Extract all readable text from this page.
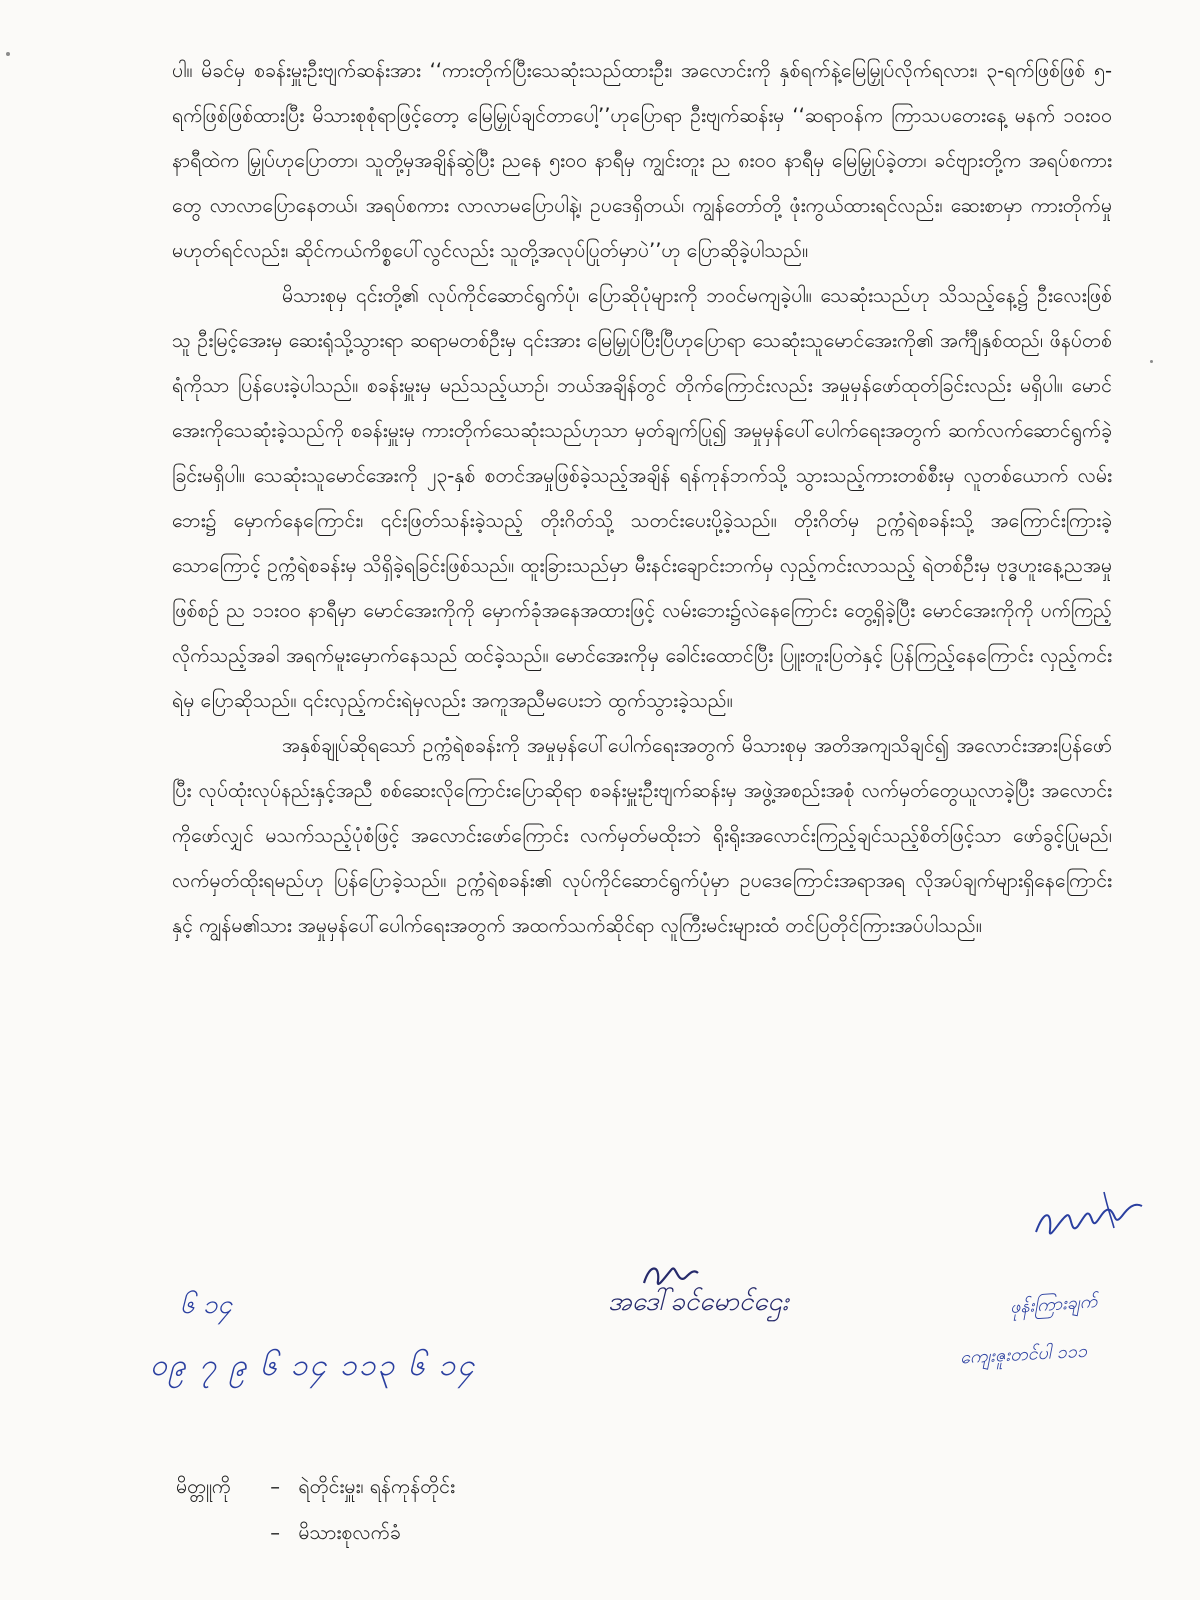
ပါ။ မိခင်မှ စခန်းမှူးဦးဗျက်ဆန်းအား ‘‘ကားတိုက်ပြီးသေဆုံးသည်ထားဦး၊ အလောင်းကို နှစ်ရက်နဲ့မြေမြှုပ်လိုက်ရလား၊ ၃-ရက်ဖြစ်ဖြစ် ၅-ရက်ဖြစ်ဖြစ်ထားပြီး မိသားစုစုံရာဖြင့်တော့ မြေမြှုပ်ချင်တာပေါ့’’ဟုပြောရာ ဦးဗျက်ဆန်းမှ ‘‘ဆရာဝန်က ကြာသပတေးနေ့ မနက် ၁၀း၀၀ နာရီထဲက မြှုပ်ဟုပြောတာ၊ သူတို့မှအချိန်ဆွဲပြီး ညနေ ၅း၀၀ နာရီမှ ကျွင်းတူး ည ၈း၀၀ နာရီမှ မြေမြှုပ်ခဲ့တာ၊ ခင်ဗျားတို့က အရပ်စကားတွေ လာလာပြောနေတယ်၊ အရပ်စကား လာလာမပြောပါနဲ့၊ ဥပဒေရှိတယ်၊ ကျွန်တော်တို့ ဖုံးကွယ်ထားရင်လည်း၊ ဆေးစာမှာ ကားတိုက်မှုမဟုတ်ရင်လည်း၊ ဆိုင်ကယ်ကိစ္စပေါ်လွင်လည်း သူတို့အလုပ်ပြုတ်မှာပဲ’’ဟု ပြောဆိုခဲ့ပါသည်။

မိသားစုမှ ၎င်းတို့၏ လုပ်ကိုင်ဆောင်ရွက်ပုံ၊ ပြောဆိုပုံများကို ဘဝင်မကျခဲ့ပါ။ သေဆုံးသည်ဟု သိသည့်နေ့၌ ဦးလေးဖြစ်သူ ဦးမြင့်အေးမှ ဆေးရုံသို့သွားရာ ဆရာမတစ်ဦးမှ ၎င်းအား မြေမြှုပ်ပြီးပြီဟုပြောရာ သေဆုံးသူမောင်အေးကို၏ အင်္ကျီနှစ်ထည်၊ ဖိနပ်တစ်ရံကိုသာ ပြန်ပေးခဲ့ပါသည်။ စခန်းမှူးမှ မည်သည့်ယာဉ်၊ ဘယ်အချိန်တွင် တိုက်ကြောင်းလည်း အမှုမှန်ဖော်ထုတ်ခြင်းလည်း မရှိပါ။ မောင်အေးကိုသေဆုံးခဲ့သည်ကို စခန်းမှူးမှ ကားတိုက်သေဆုံးသည်ဟုသာ မှတ်ချက်ပြု၍ အမှုမှန်ပေါ်ပေါက်ရေးအတွက် ဆက်လက်ဆောင်ရွက်ခဲ့ခြင်းမရှိပါ။ သေဆုံးသူမောင်အေးကို ၂၃-နှစ် စတင်အမှုဖြစ်ခဲ့သည့်အချိန် ရန်ကုန်ဘက်သို့ သွားသည့်ကားတစ်စီးမှ လူတစ်ယောက် လမ်းဘေး၌ မှောက်နေကြောင်း၊ ၎င်းဖြတ်သန်းခဲ့သည့် တိုးဂိတ်သို့ သတင်းပေးပို့ခဲ့သည်။ တိုးဂိတ်မှ ဥက္ကံရဲစခန်းသို့ အကြောင်းကြားခဲ့သောကြောင့် ဥက္ကံရဲစခန်းမှ သိရှိခဲ့ရခြင်းဖြစ်သည်။ ထူးခြားသည်မှာ မီးနင်းချောင်းဘက်မှ လှည့်ကင်းလာသည့် ရဲတစ်ဦးမှ ဗုဒ္ဓဟူးနေ့ညအမှုဖြစ်စဉ် ည ၁၁း၀၀ နာရီမှာ မောင်အေးကိုကို မှောက်ခုံအနေအထားဖြင့် လမ်းဘေး၌လဲနေကြောင်း တွေ့ရှိခဲ့ပြီး မောင်အေးကိုကို ပက်ကြည့်လိုက်သည့်အခါ အရက်မူးမှောက်နေသည် ထင်ခဲ့သည်။ မောင်အေးကိုမှ ခေါင်းထောင်ပြီး ပြူးတူးပြတဲနှင့် ပြန်ကြည့်နေကြောင်း လှည့်ကင်းရဲမှ ပြောဆိုသည်။ ၎င်းလှည့်ကင်းရဲမှလည်း အကူအညီမပေးဘဲ ထွက်သွားခဲ့သည်။

အနှစ်ချုပ်ဆိုရသော် ဥက္ကံရဲစခန်းကို အမှုမှန်ပေါ်ပေါက်ရေးအတွက် မိသားစုမှ အတိအကျသိချင်၍ အလောင်းအားပြန်ဖော်ပြီး လုပ်ထုံးလုပ်နည်းနှင့်အညီ စစ်ဆေးလိုကြောင်းပြောဆိုရာ စခန်းမှူးဦးဗျက်ဆန်းမှ အဖွဲ့အစည်းအစုံ လက်မှတ်တွေယူလာခဲ့ပြီး အလောင်းကိုဖော်လျှင် မသက်သည့်ပုံစံဖြင့် အလောင်းဖော်ကြောင်း လက်မှတ်မထိုးဘဲ ရိုးရိုးအလောင်းကြည့်ချင်သည့်စိတ်ဖြင့်သာ ဖော်ခွင့်ပြုမည်၊ လက်မှတ်ထိုးရမည်ဟု ပြန်ပြောခဲ့သည်။ ဥက္ကံရဲစခန်း၏ လုပ်ကိုင်ဆောင်ရွက်ပုံမှာ ဥပဒေကြောင်းအရာအရ လိုအပ်ချက်များရှိနေကြောင်းနှင့် ကျွန်မ၏သား အမှုမှန်ပေါ်ပေါက်ရေးအတွက် အထက်သက်ဆိုင်ရာ လူကြီးမင်းများထံ တင်ပြတိုင်ကြားအပ်ပါသည်။

အဒေါ်ခင်မောင်ဌေး
၆ ၁၄
၀၉ ၇ ၉ ၆ ၁၄ ၁၁၃ ၆ ၁၄
ဖုန်းကြားချက်
ကျေးဇူးတင်ပါ ၁၁၁
မိတ္တူကို – ရဲတိုင်းမှူး၊ ရန်ကုန်တိုင်း
– မိသားစုလက်ခံ
